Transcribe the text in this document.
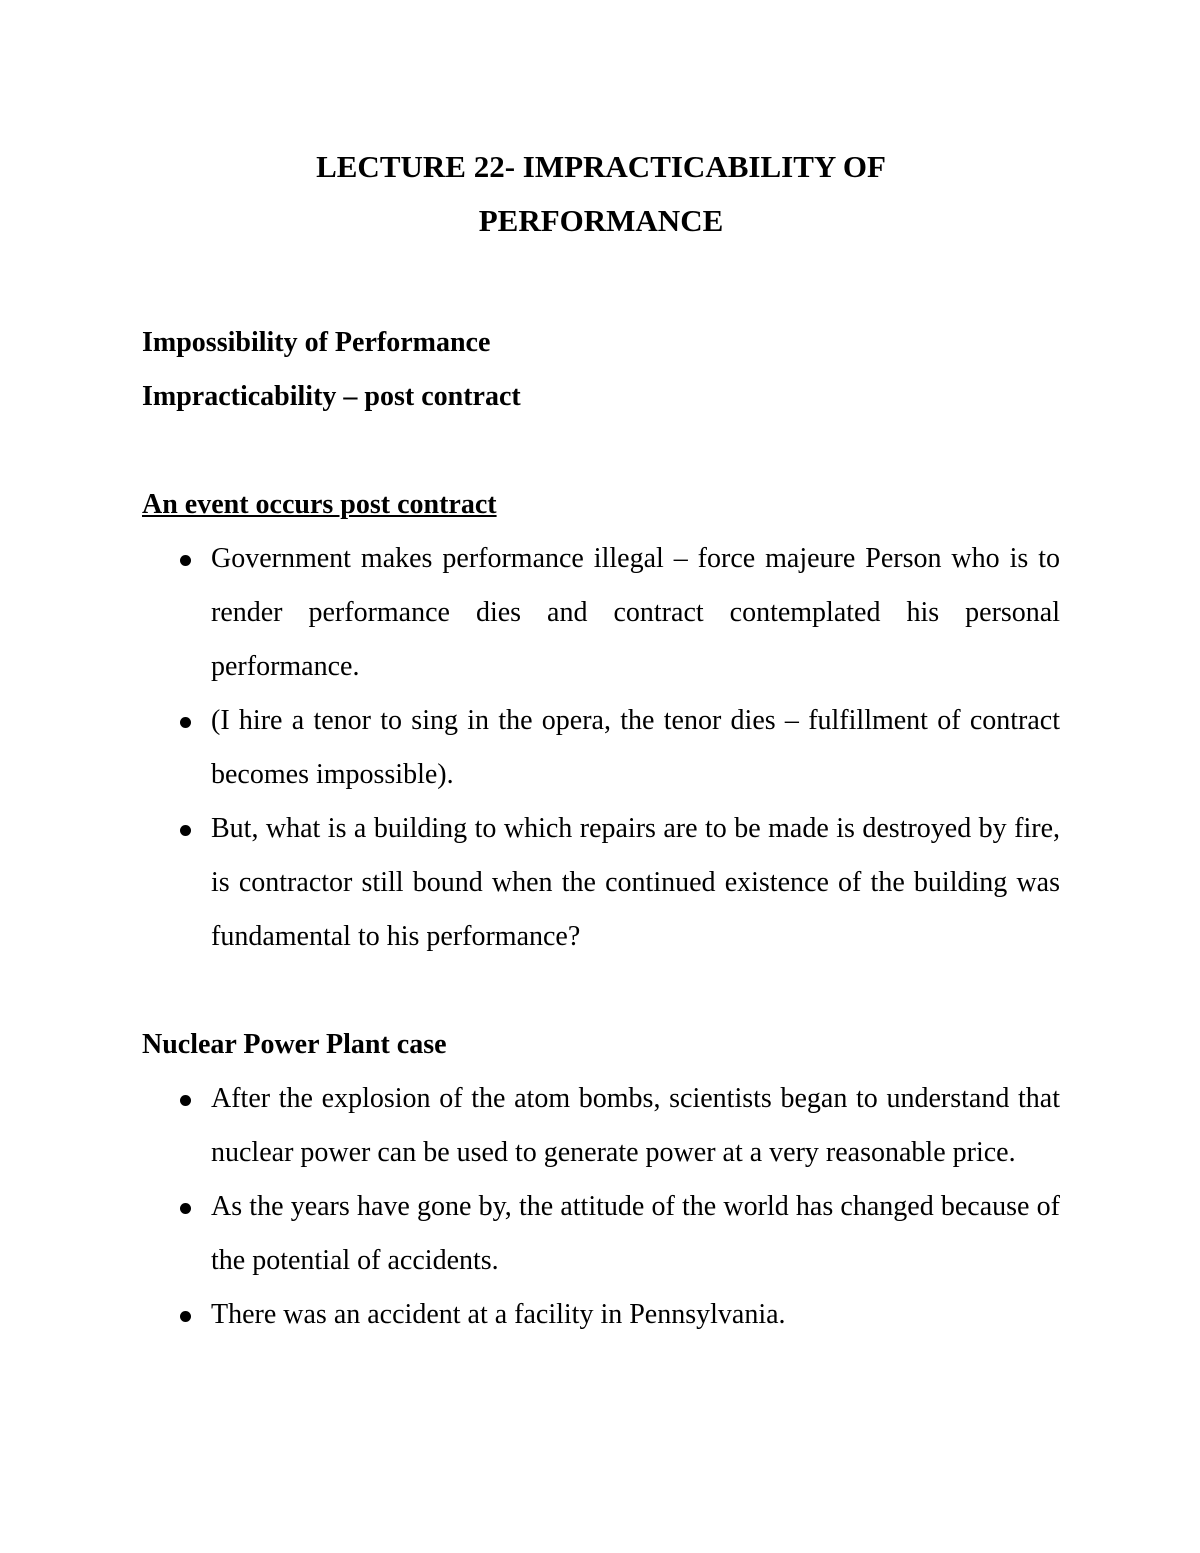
LECTURE 22- IMPRACTICABILITY OF

PERFORMANCE

Impossibility of Performance

Impracticability – post contract

An event occurs post contract

Government makes performance illegal – force majeure Person who is to render performance dies and contract contemplated his personal performance.
(I hire a tenor to sing in the opera, the tenor dies – fulfillment of contract becomes impossible).
But, what is a building to which repairs are to be made is destroyed by fire, is contractor still bound when the continued existence of the building was fundamental to his performance?

Nuclear Power Plant case

After the explosion of the atom bombs, scientists began to understand that nuclear power can be used to generate power at a very reasonable price.
As the years have gone by, the attitude of the world has changed because of the potential of accidents.
There was an accident at a facility in Pennsylvania.
